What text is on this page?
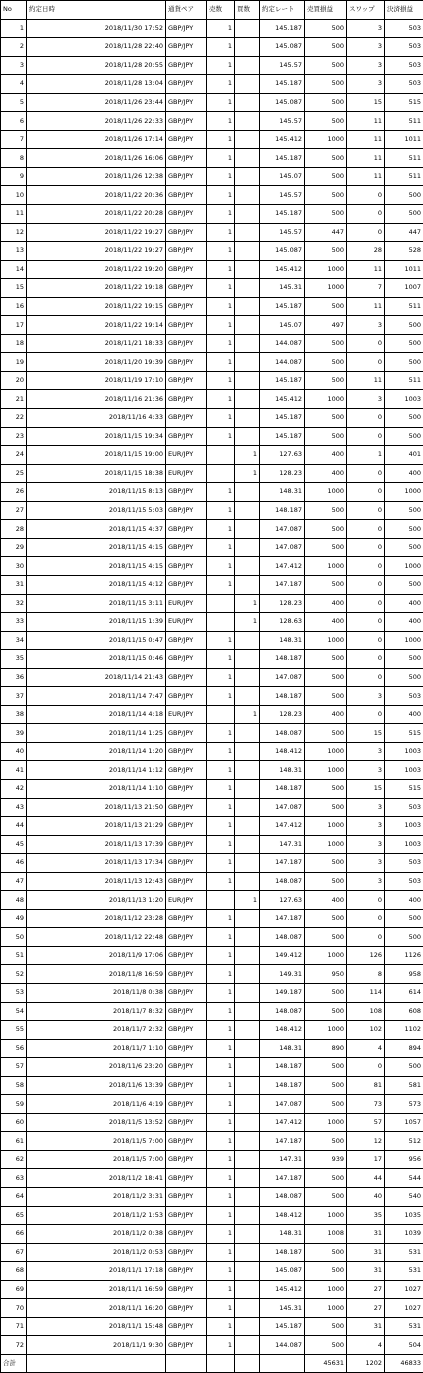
No	約定日時	通貨ペア	売数	買数	約定レート	売買損益	スワップ	決済損益
1	2018/11/30 17:52	GBP/JPY	1		145.187	500	3	503
2	2018/11/28 22:40	GBP/JPY	1		145.087	500	3	503
3	2018/11/28 20:55	GBP/JPY	1		145.57	500	3	503
4	2018/11/28 13:04	GBP/JPY	1		145.187	500	3	503
5	2018/11/26 23:44	GBP/JPY	1		145.087	500	15	515
6	2018/11/26 22:33	GBP/JPY	1		145.57	500	11	511
7	2018/11/26 17:14	GBP/JPY	1		145.412	1000	11	1011
8	2018/11/26 16:06	GBP/JPY	1		145.187	500	11	511
9	2018/11/26 12:38	GBP/JPY	1		145.07	500	11	511
10	2018/11/22 20:36	GBP/JPY	1		145.57	500	0	500
11	2018/11/22 20:28	GBP/JPY	1		145.187	500	0	500
12	2018/11/22 19:27	GBP/JPY	1		145.57	447	0	447
13	2018/11/22 19:27	GBP/JPY	1		145.087	500	28	528
14	2018/11/22 19:20	GBP/JPY	1		145.412	1000	11	1011
15	2018/11/22 19:18	GBP/JPY	1		145.31	1000	7	1007
16	2018/11/22 19:15	GBP/JPY	1		145.187	500	11	511
17	2018/11/22 19:14	GBP/JPY	1		145.07	497	3	500
18	2018/11/21 18:33	GBP/JPY	1		144.087	500	0	500
19	2018/11/20 19:39	GBP/JPY	1		144.087	500	0	500
20	2018/11/19 17:10	GBP/JPY	1		145.187	500	11	511
21	2018/11/16 21:36	GBP/JPY	1		145.412	1000	3	1003
22	2018/11/16 4:33	GBP/JPY	1		145.187	500	0	500
23	2018/11/15 19:34	GBP/JPY	1		145.187	500	0	500
24	2018/11/15 19:00	EUR/JPY		1	127.63	400	1	401
25	2018/11/15 18:38	EUR/JPY		1	128.23	400	0	400
26	2018/11/15 8:13	GBP/JPY	1		148.31	1000	0	1000
27	2018/11/15 5:03	GBP/JPY	1		148.187	500	0	500
28	2018/11/15 4:37	GBP/JPY	1		147.087	500	0	500
29	2018/11/15 4:15	GBP/JPY	1		147.087	500	0	500
30	2018/11/15 4:15	GBP/JPY	1		147.412	1000	0	1000
31	2018/11/15 4:12	GBP/JPY	1		147.187	500	0	500
32	2018/11/15 3:11	EUR/JPY		1	128.23	400	0	400
33	2018/11/15 1:39	EUR/JPY		1	128.63	400	0	400
34	2018/11/15 0:47	GBP/JPY	1		148.31	1000	0	1000
35	2018/11/15 0:46	GBP/JPY	1		148.187	500	0	500
36	2018/11/14 21:43	GBP/JPY	1		147.087	500	0	500
37	2018/11/14 7:47	GBP/JPY	1		148.187	500	3	503
38	2018/11/14 4:18	EUR/JPY		1	128.23	400	0	400
39	2018/11/14 1:25	GBP/JPY	1		148.087	500	15	515
40	2018/11/14 1:20	GBP/JPY	1		148.412	1000	3	1003
41	2018/11/14 1:12	GBP/JPY	1		148.31	1000	3	1003
42	2018/11/14 1:10	GBP/JPY	1		148.187	500	15	515
43	2018/11/13 21:50	GBP/JPY	1		147.087	500	3	503
44	2018/11/13 21:29	GBP/JPY	1		147.412	1000	3	1003
45	2018/11/13 17:39	GBP/JPY	1		147.31	1000	3	1003
46	2018/11/13 17:34	GBP/JPY	1		147.187	500	3	503
47	2018/11/13 12:43	GBP/JPY	1		148.087	500	3	503
48	2018/11/13 1:20	EUR/JPY		1	127.63	400	0	400
49	2018/11/12 23:28	GBP/JPY	1		147.187	500	0	500
50	2018/11/12 22:48	GBP/JPY	1		148.087	500	0	500
51	2018/11/9 17:06	GBP/JPY	1		149.412	1000	126	1126
52	2018/11/8 16:59	GBP/JPY	1		149.31	950	8	958
53	2018/11/8 0:38	GBP/JPY	1		149.187	500	114	614
54	2018/11/7 8:32	GBP/JPY	1		148.087	500	108	608
55	2018/11/7 2:32	GBP/JPY	1		148.412	1000	102	1102
56	2018/11/7 1:10	GBP/JPY	1		148.31	890	4	894
57	2018/11/6 23:20	GBP/JPY	1		148.187	500	0	500
58	2018/11/6 13:39	GBP/JPY	1		148.187	500	81	581
59	2018/11/6 4:19	GBP/JPY	1		147.087	500	73	573
60	2018/11/5 13:52	GBP/JPY	1		147.412	1000	57	1057
61	2018/11/5 7:00	GBP/JPY	1		147.187	500	12	512
62	2018/11/5 7:00	GBP/JPY	1		147.31	939	17	956
63	2018/11/2 18:41	GBP/JPY	1		147.187	500	44	544
64	2018/11/2 3:31	GBP/JPY	1		148.087	500	40	540
65	2018/11/2 1:53	GBP/JPY	1		148.412	1000	35	1035
66	2018/11/2 0:38	GBP/JPY	1		148.31	1008	31	1039
67	2018/11/2 0:53	GBP/JPY	1		148.187	500	31	531
68	2018/11/1 17:18	GBP/JPY	1		145.087	500	31	531
69	2018/11/1 16:59	GBP/JPY	1		145.412	1000	27	1027
70	2018/11/1 16:20	GBP/JPY	1		145.31	1000	27	1027
71	2018/11/1 15:48	GBP/JPY	1		145.187	500	31	531
72	2018/11/1 9:30	GBP/JPY	1		144.087	500	4	504
合計						45631	1202	46833
